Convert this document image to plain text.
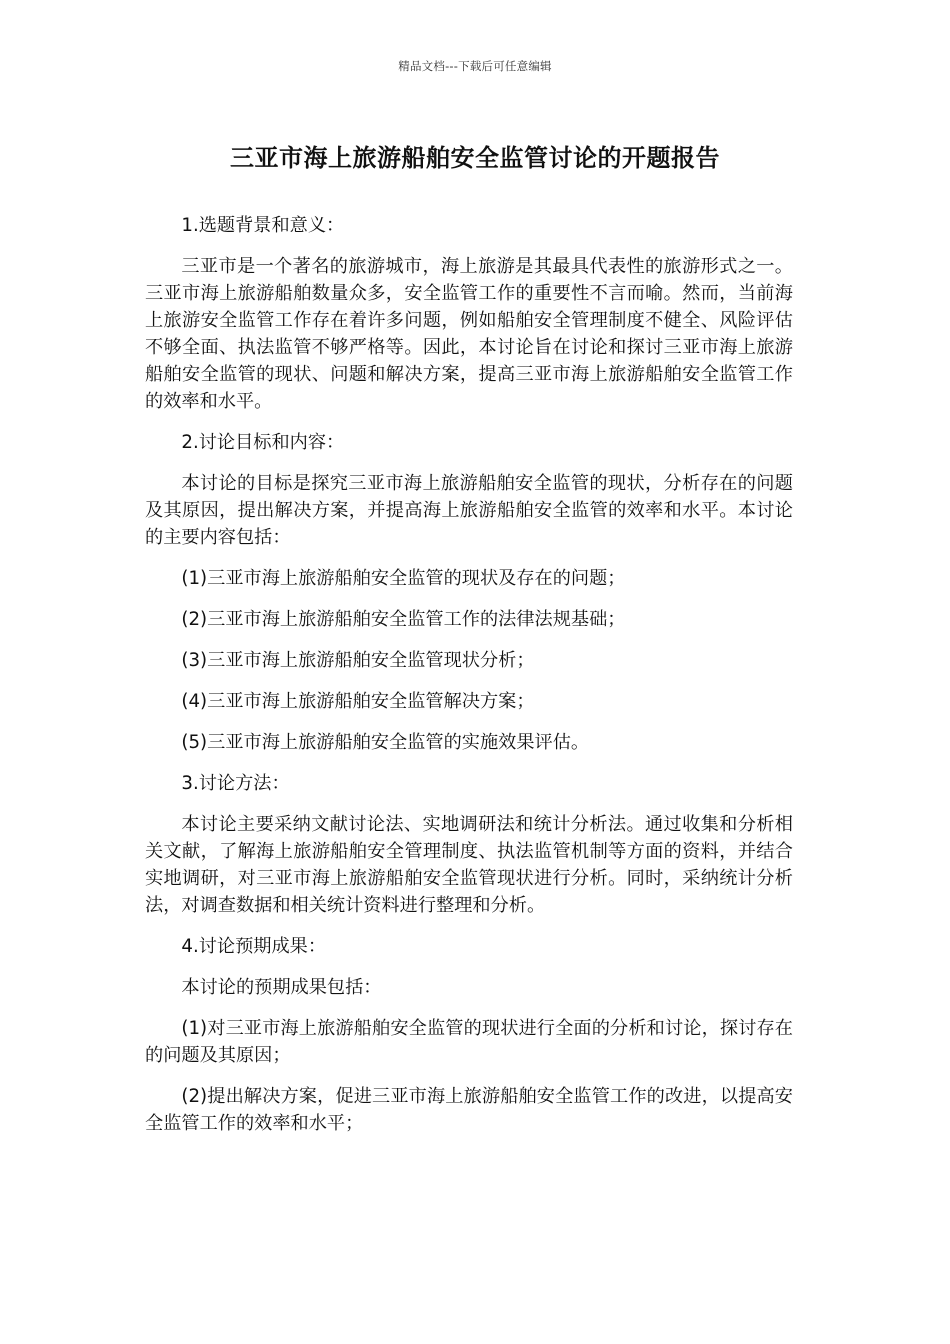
精品文档---下载后可任意编辑
三亚市海上旅游船舶安全监管讨论的开题报告

1.选题背景和意义：

三亚市是一个著名的旅游城市，海上旅游是其最具代表性的旅游形式之一。三亚市海上旅游船舶数量众多，安全监管工作的重要性不言而喻。然而，当前海上旅游安全监管工作存在着许多问题，例如船舶安全管理制度不健全、风险评估不够全面、执法监管不够严格等。因此，本讨论旨在讨论和探讨三亚市海上旅游船舶安全监管的现状、问题和解决方案，提高三亚市海上旅游船舶安全监管工作的效率和水平。

2.讨论目标和内容：

本讨论的目标是探究三亚市海上旅游船舶安全监管的现状，分析存在的问题及其原因，提出解决方案，并提高海上旅游船舶安全监管的效率和水平。本讨论的主要内容包括：

(1)三亚市海上旅游船舶安全监管的现状及存在的问题；

(2)三亚市海上旅游船舶安全监管工作的法律法规基础；

(3)三亚市海上旅游船舶安全监管现状分析；

(4)三亚市海上旅游船舶安全监管解决方案；

(5)三亚市海上旅游船舶安全监管的实施效果评估。

3.讨论方法：

本讨论主要采纳文献讨论法、实地调研法和统计分析法。通过收集和分析相关文献，了解海上旅游船舶安全管理制度、执法监管机制等方面的资料，并结合实地调研，对三亚市海上旅游船舶安全监管现状进行分析。同时，采纳统计分析法，对调查数据和相关统计资料进行整理和分析。

4.讨论预期成果：

本讨论的预期成果包括：

(1)对三亚市海上旅游船舶安全监管的现状进行全面的分析和讨论，探讨存在的问题及其原因；

(2)提出解决方案，促进三亚市海上旅游船舶安全监管工作的改进，以提高安全监管工作的效率和水平；
